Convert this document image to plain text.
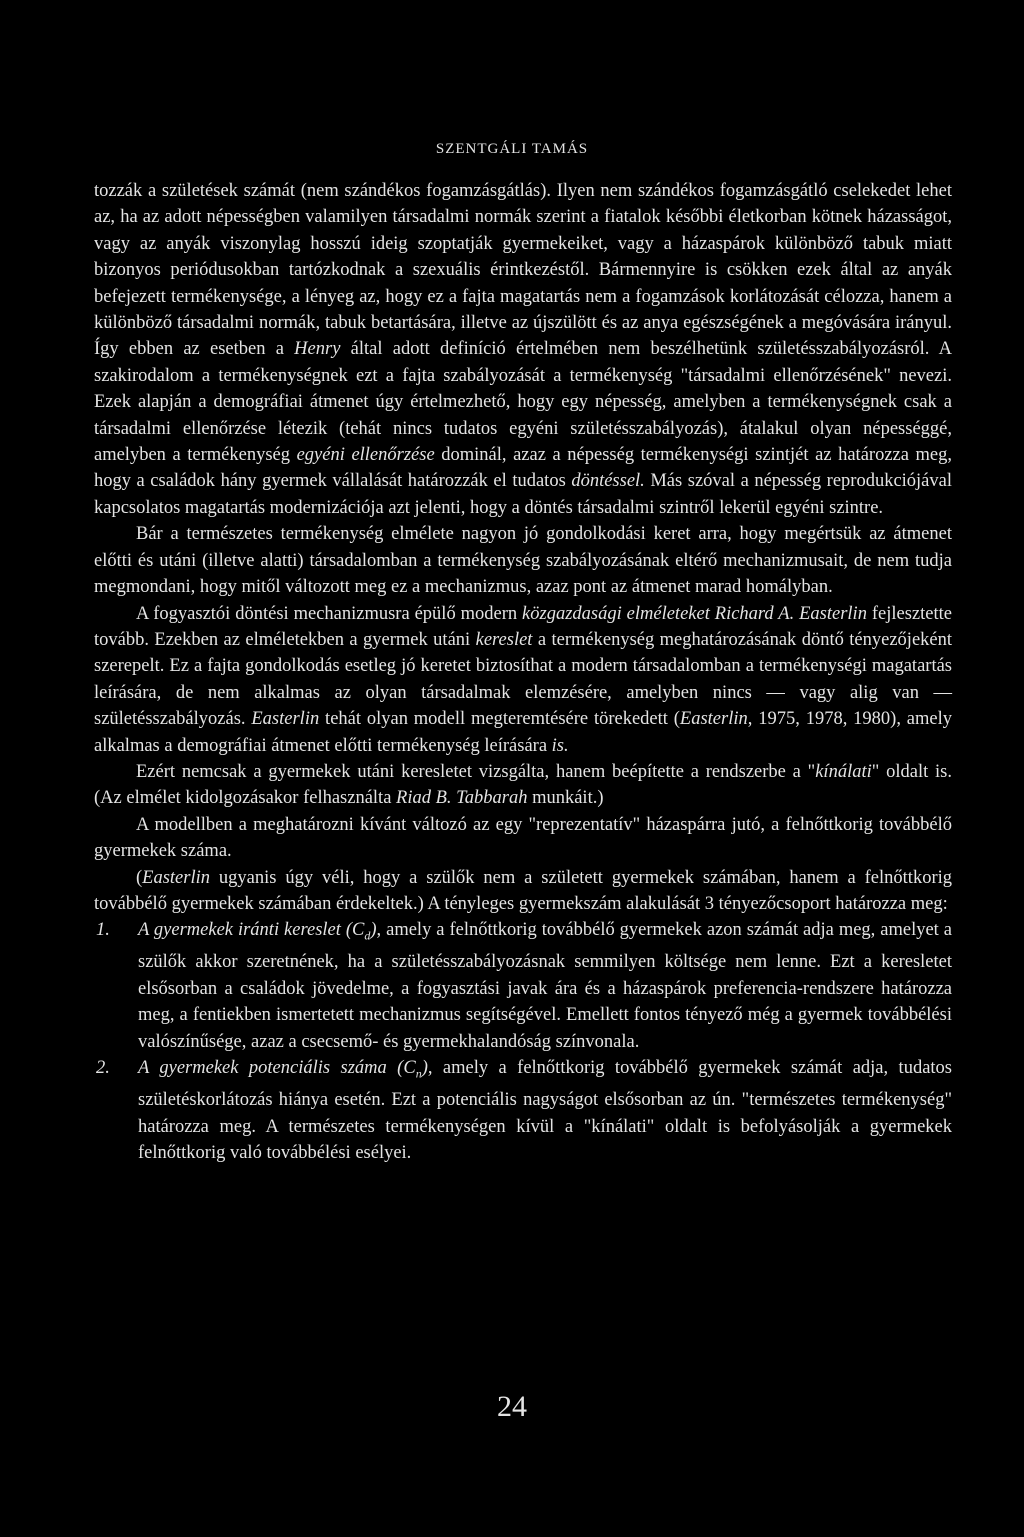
SZENTGÁLI TAMÁS

tozzák a születések számát (nem szándékos fogamzásgátlás). Ilyen nem szándékos fogamzásgátló cselekedet lehet az, ha az adott népességben valamilyen társadalmi normák szerint a fiatalok későbbi életkorban kötnek házasságot, vagy az anyák viszonylag hosszú ideig szoptatják gyermekeiket, vagy a házaspárok különböző tabuk miatt bizonyos periódusokban tartózkodnak a szexuális érintkezéstől. Bármennyire is csökken ezek által az anyák befejezett termékenysége, a lényeg az, hogy ez a fajta magatartás nem a fogamzások korlátozását célozza, hanem a különböző társadalmi normák, tabuk betartására, illetve az újszülött és az anya egészségének a megóvására irányul. Így ebben az esetben a Henry által adott definíció értelmében nem beszélhetünk születésszabályozásról. A szakirodalom a termékenységnek ezt a fajta szabályozását a termékenység "társadalmi ellenőrzésének" nevezi. Ezek alapján a demográfiai átmenet úgy értelmezhető, hogy egy népesség, amelyben a termékenységnek csak a társadalmi ellenőrzése létezik (tehát nincs tudatos egyéni születésszabályozás), átalakul olyan népességgé, amelyben a termékenység egyéni ellenőrzése dominál, azaz a népesség termékenységi szintjét az határozza meg, hogy a családok hány gyermek vállalását határozzák el tudatos döntéssel. Más szóval a népesség reprodukciójával kapcsolatos magatartás modernizációja azt jelenti, hogy a döntés társadalmi szintről lekerül egyéni szintre.

Bár a természetes termékenység elmélete nagyon jó gondolkodási keret arra, hogy megértsük az átmenet előtti és utáni (illetve alatti) társadalomban a termékenység szabályozásának eltérő mechanizmusait, de nem tudja megmondani, hogy mitől változott meg ez a mechanizmus, azaz pont az átmenet marad homályban.

A fogyasztói döntési mechanizmusra épülő modern közgazdasági elméleteket Richard A. Easterlin fejlesztette tovább. Ezekben az elméletekben a gyermek utáni kereslet a termékenység meghatározásának döntő tényezőjeként szerepelt. Ez a fajta gondolkodás esetleg jó keretet biztosíthat a modern társadalomban a termékenységi magatartás leírására, de nem alkalmas az olyan társadalmak elemzésére, amelyben nincs — vagy alig van — születésszabályozás. Easterlin tehát olyan modell megteremtésére törekedett (Easterlin, 1975, 1978, 1980), amely alkalmas a demográfiai átmenet előtti termékenység leírására is.

Ezért nemcsak a gyermekek utáni keresletet vizsgálta, hanem beépítette a rendszerbe a "kínálati" oldalt is. (Az elmélet kidolgozásakor felhasználta Riad B. Tabbarah munkáit.)

A modellben a meghatározni kívánt változó az egy "reprezentatív" házaspárra jutó, a felnőttkorig továbbélő gyermekek száma.

(Easterlin ugyanis úgy véli, hogy a szülők nem a született gyermekek számában, hanem a felnőttkorig továbbélő gyermekek számában érdekeltek.) A tényleges gyermekszám alakulását 3 tényezőcsoport határozza meg:

1. A gyermekek iránti kereslet $(C_d)$, amely a felnőttkorig továbbélő gyermekek azon számát adja meg, amelyet a szülők akkor szeretnének, ha a születésszabályozásnak semmilyen költsége nem lenne. Ezt a keresletet elsősorban a családok jövedelme, a fogyasztási javak ára és a házaspárok preferencia-rendszere határozza meg, a fentiekben ismertetett mechanizmus segítségével. Emellett fontos tényező még a gyermek továbbélési valószínűsége, azaz a csecsemő- és gyermekhalandóság színvonala.

2. A gyermekek potenciális száma $(C_n)$, amely a felnőttkorig továbbélő gyermekek számát adja, tudatos születéskorlátozás hiánya esetén. Ezt a potenciális nagyságot elsősorban az ún. "természetes termékenység" határozza meg. A természetes termékenységen kívül a "kínálati" oldalt is befolyásolják a gyermekek felnőttkorig való továbbélési esélyei.

24
